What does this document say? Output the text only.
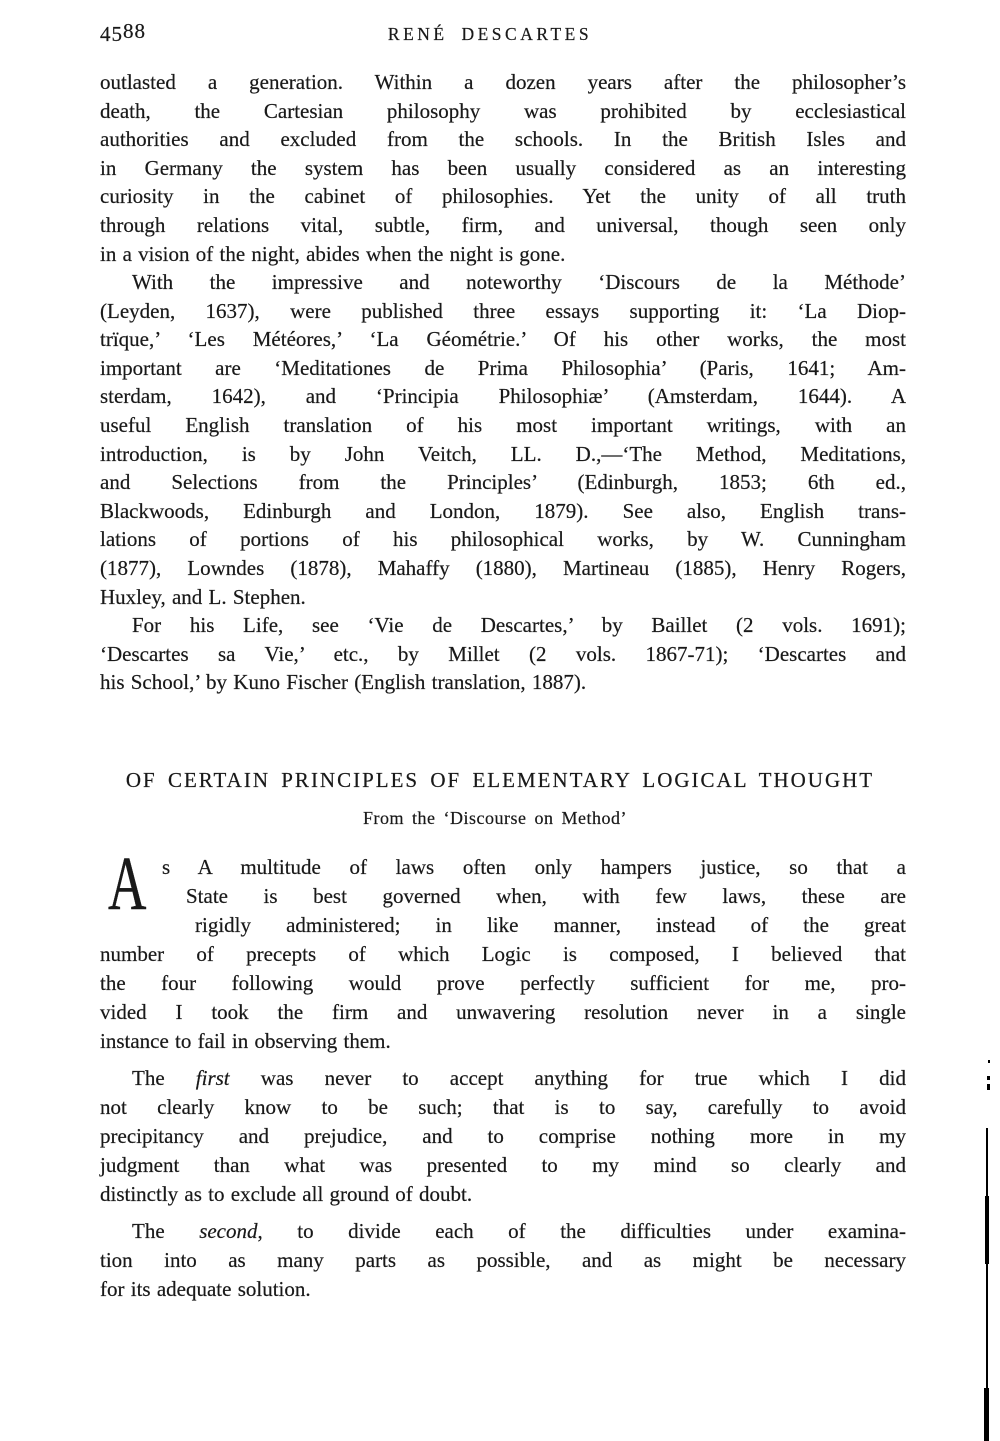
4588	RENÉ DESCARTES
outlasted a generation. Within a dozen years after the philosopher’s
death, the Cartesian philosophy was prohibited by ecclesiastical
authorities and excluded from the schools. In the British Isles and
in Germany the system has been usually considered as an interesting
curiosity in the cabinet of philosophies. Yet the unity of all truth
through relations vital, subtle, firm, and universal, though seen only
in a vision of the night, abides when the night is gone.
With the impressive and noteworthy ‘Discours de la Méthode’
(Leyden, 1637), were published three essays supporting it: ‘La Diop-
trïque,’ ‘Les Météores,’ ‘La Géométrie.’ Of his other works, the most
important are ‘Meditationes de Prima Philosophia’ (Paris, 1641; Am-
sterdam, 1642), and ‘Principia Philosophiæ’ (Amsterdam, 1644). A
useful English translation of his most important writings, with an
introduction, is by John Veitch, LL. D.,—‘The Method, Meditations,
and Selections from the Principles’ (Edinburgh, 1853; 6th ed.,
Blackwoods, Edinburgh and London, 1879). See also, English trans-
lations of portions of his philosophical works, by W. Cunningham
(1877), Lowndes (1878), Mahaffy (1880), Martineau (1885), Henry Rogers,
Huxley, and L. Stephen.
For his Life, see ‘Vie de Descartes,’ by Baillet (2 vols. 1691);
‘Descartes sa Vie,’ etc., by Millet (2 vols. 1867-71); ‘Descartes and
his School,’ by Kuno Fischer (English translation, 1887).
OF CERTAIN PRINCIPLES OF ELEMENTARY LOGICAL THOUGHT
From the ‘Discourse on Method’
A s A multitude of laws often only hampers justice, so that a
State is best governed when, with few laws, these are
rigidly administered; in like manner, instead of the great
number of precepts of which Logic is composed, I believed that
the four following would prove perfectly sufficient for me, pro-
vided I took the firm and unwavering resolution never in a single
instance to fail in observing them.
The first was never to accept anything for true which I did
not clearly know to be such; that is to say, carefully to avoid
precipitancy and prejudice, and to comprise nothing more in my
judgment than what was presented to my mind so clearly and
distinctly as to exclude all ground of doubt.
The second, to divide each of the difficulties under examina-
tion into as many parts as possible, and as might be necessary
for its adequate solution.
